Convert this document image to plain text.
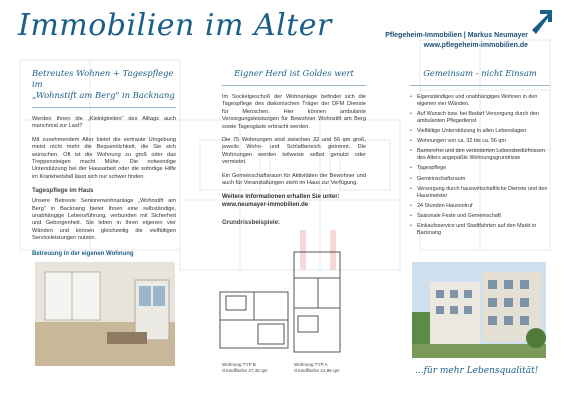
Immobilien im Alter	Pflegeheim-Immobilien | Markus Neumayer
www.pflegeheim-immobilien.de
Betreutes Wohnen + Tagespflege im
„Wohnstift am Berg" in Backnang

Werden Ihnen die „Kleinigkeiten" des Alltags auch manchmal zur Last?

Mit zunehmendem Alter bietet die vertraute Umgebung meist nicht mehr die Bequemlichkeit, die Sie sich wünschen. Oft ist die Wohnung zu groß oder das Treppensteigen macht Mühe. Die notwendige Unterstützung bei der Hausarbeit oder die sofortige Hilfe im Krankheitsfall lässt sich nur schwer finden.

Tagespflege im Haus

Unsere Betreute Seniorenwohnanlage „Wohnstift am Berg" in Backnang bietet Ihnen eine selbständige, unabhängige Lebensführung, verbunden mit Sicherheit und Geborgenheit. Sie leben in Ihren eigenen vier Wänden und können gleichzeitig die vielfältigen Serviceleistungen nutzen.

Betreuung in der eigenen Wohnung
Eigner Herd ist Goldes wert

Im Sockelgeschoß der Wohnanlage befindet sich die Tagespflege des diakonischen Träger der DFM Dienste für Menschen. Hier können ambulante Versorgungsleistungen für Bewohner Wohnstift am Berg sowie Tagesgäste erbracht werden.

Die 75 Wohnungen sind zwischen 32 und 56 qm groß, jeweils Wohn- und Schlafbereich getrennt. Die Wohnungen werden teilweise selbst genutzt oder vermietet.

Ein Gemeinschaftsraum für Aktivitäten der Bewohner und auch für Veranstaltungen steht im Haus zur Verfügung.

Weitere Informationen erhalten Sie unter:
www.neumayer-immobilien.de
Grundrissbeispiele:
Wohnung TYP B
Grundfläche 47,48 qm
Wohnung TYP A
Grundfläche 41,96 qm
Gemeinsam - nicht Einsam
• Eigenständiges und unabhängiges Wohnen in den eigenen vier Wänden.
• Auf Wunsch bzw. bei Bedarf Versorgung durch den ambulanten Pflegedienst
• Vielfältige Unterstützung in allen Lebenslagen
• Wohnungen von ca. 32 bis ca. 56 qm
• Barrierefrei und den veränderten Lebensbedürfnissen des Alters angepaßte Wohnungsgrundrisse
• Tagespflege
• Gemeinschaftsraum
• Versorgung durch hauswirtschaftliche Dienste und den Hausmeister
• 24 Stunden Hausnotruf
• Saisonale Feste und Gemeinschaft
• Einkaufsservice und Stadtfahrten auf den Markt in Backnang
...für mehr Lebensqualität!
